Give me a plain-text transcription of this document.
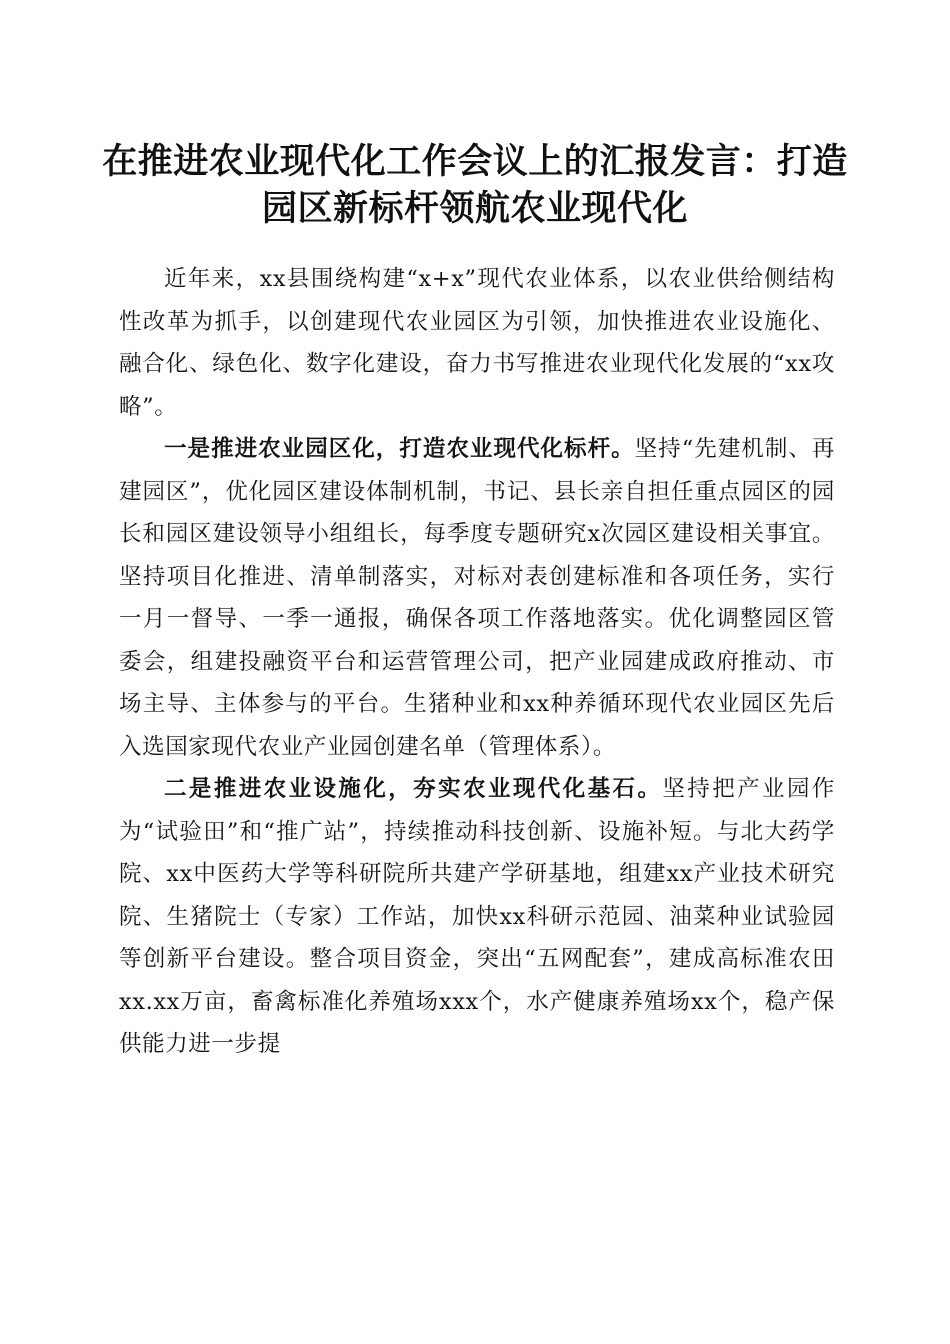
在推进农业现代化工作会议上的汇报发言：打造园区新标杆领航农业现代化

近年来，xx县围绕构建“x+x”现代农业体系，以农业供给侧结构性改革为抓手，以创建现代农业园区为引领，加快推进农业设施化、融合化、绿色化、数字化建设，奋力书写推进农业现代化发展的“xx攻略”。

一是推进农业园区化，打造农业现代化标杆。坚持“先建机制、再建园区”，优化园区建设体制机制，书记、县长亲自担任重点园区的园长和园区建设领导小组组长，每季度专题研究x次园区建设相关事宜。坚持项目化推进、清单制落实，对标对表创建标准和各项任务，实行一月一督导、一季一通报，确保各项工作落地落实。优化调整园区管委会，组建投融资平台和运营管理公司，把产业园建成政府推动、市场主导、主体参与的平台。生猪种业和xx种养循环现代农业园区先后入选国家现代农业产业园创建名单（管理体系）。

二是推进农业设施化，夯实农业现代化基石。坚持把产业园作为“试验田”和“推广站”，持续推动科技创新、设施补短。与北大药学院、xx中医药大学等科研院所共建产学研基地，组建xx产业技术研究院、生猪院士（专家）工作站，加快xx科研示范园、油菜种业试验园等创新平台建设。整合项目资金，突出“五网配套”，建成高标准农田xx.xx万亩，畜禽标准化养殖场xxx个，水产健康养殖场xx个，稳产保供能力进一步提
